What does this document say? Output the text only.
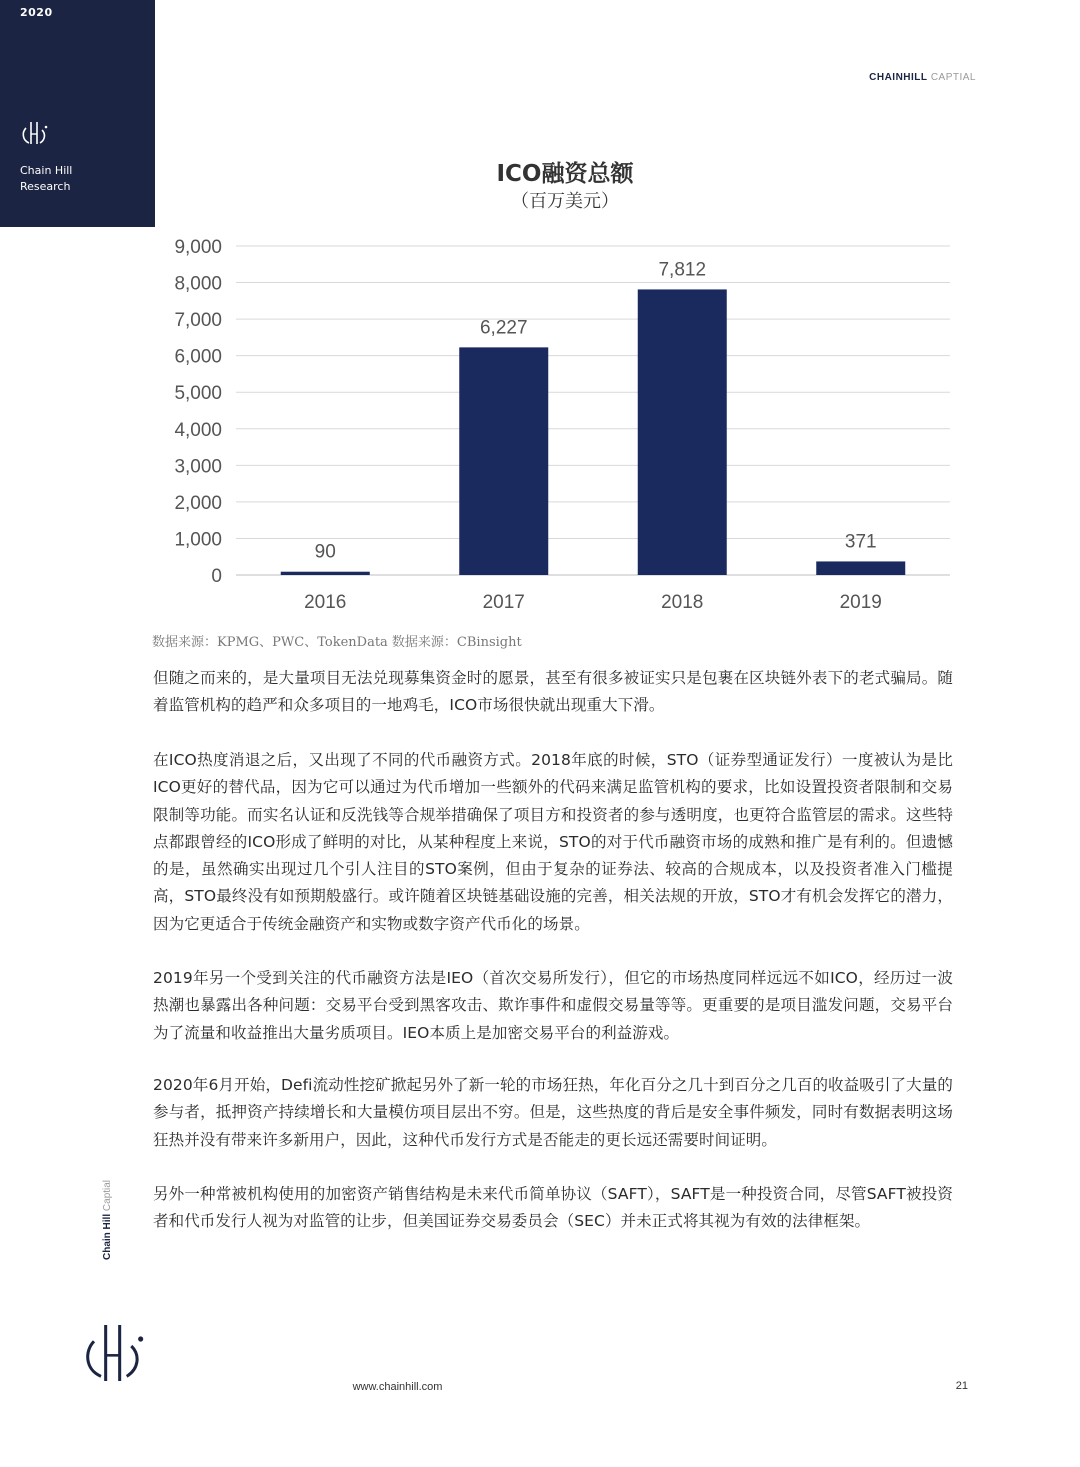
2020
Chain Hill
Research
CHAINHILL CAPTIAL
ICO融资总额
（百万美元）
0
1,000
2,000
3,000
4,000
5,000
6,000
7,000
8,000
9,000
90
2016
6,227
2017
7,812
2018
371
2019
数据来源：KPMG、PWC、TokenData 数据来源：CBinsight

但随之而来的，是大量项目无法兑现募集资金时的愿景，甚至有很多被证实只是包裹在区块链外表下的老式骗局。随着监管机构的趋严和众多项目的一地鸡毛，ICO市场很快就出现重大下滑。

在ICO热度消退之后，又出现了不同的代币融资方式。2018年底的时候，STO（证券型通证发行）一度被认为是比ICO更好的替代品，因为它可以通过为代币增加一些额外的代码来满足监管机构的要求，比如设置投资者限制和交易限制等功能。而实名认证和反洗钱等合规举措确保了项目方和投资者的参与透明度，也更符合监管层的需求。这些特点都跟曾经的ICO形成了鲜明的对比，从某种程度上来说，STO的对于代币融资市场的成熟和推广是有利的。但遗憾的是，虽然确实出现过几个引人注目的STO案例，但由于复杂的证券法、较高的合规成本，以及投资者准入门槛提高，STO最终没有如预期般盛行。或许随着区块链基础设施的完善，相关法规的开放，STO才有机会发挥它的潜力，因为它更适合于传统金融资产和实物或数字资产代币化的场景。

2019年另一个受到关注的代币融资方法是IEO（首次交易所发行），但它的市场热度同样远远不如ICO，经历过一波热潮也暴露出各种问题：交易平台受到黑客攻击、欺诈事件和虚假交易量等等。更重要的是项目滥发问题，交易平台为了流量和收益推出大量劣质项目。IEO本质上是加密交易平台的利益游戏。

2020年6月开始，Defi流动性挖矿掀起另外了新一轮的市场狂热，年化百分之几十到百分之几百的收益吸引了大量的参与者，抵押资产持续增长和大量模仿项目层出不穷。但是，这些热度的背后是安全事件频发，同时有数据表明这场狂热并没有带来许多新用户，因此，这种代币发行方式是否能走的更长远还需要时间证明。

另外一种常被机构使用的加密资产销售结构是未来代币简单协议（SAFT），SAFT是一种投资合同，尽管SAFT被投资者和代币发行人视为对监管的让步，但美国证券交易委员会（SEC）并未正式将其视为有效的法律框架。

Chain Hill Captial
www.chainhill.com	21
